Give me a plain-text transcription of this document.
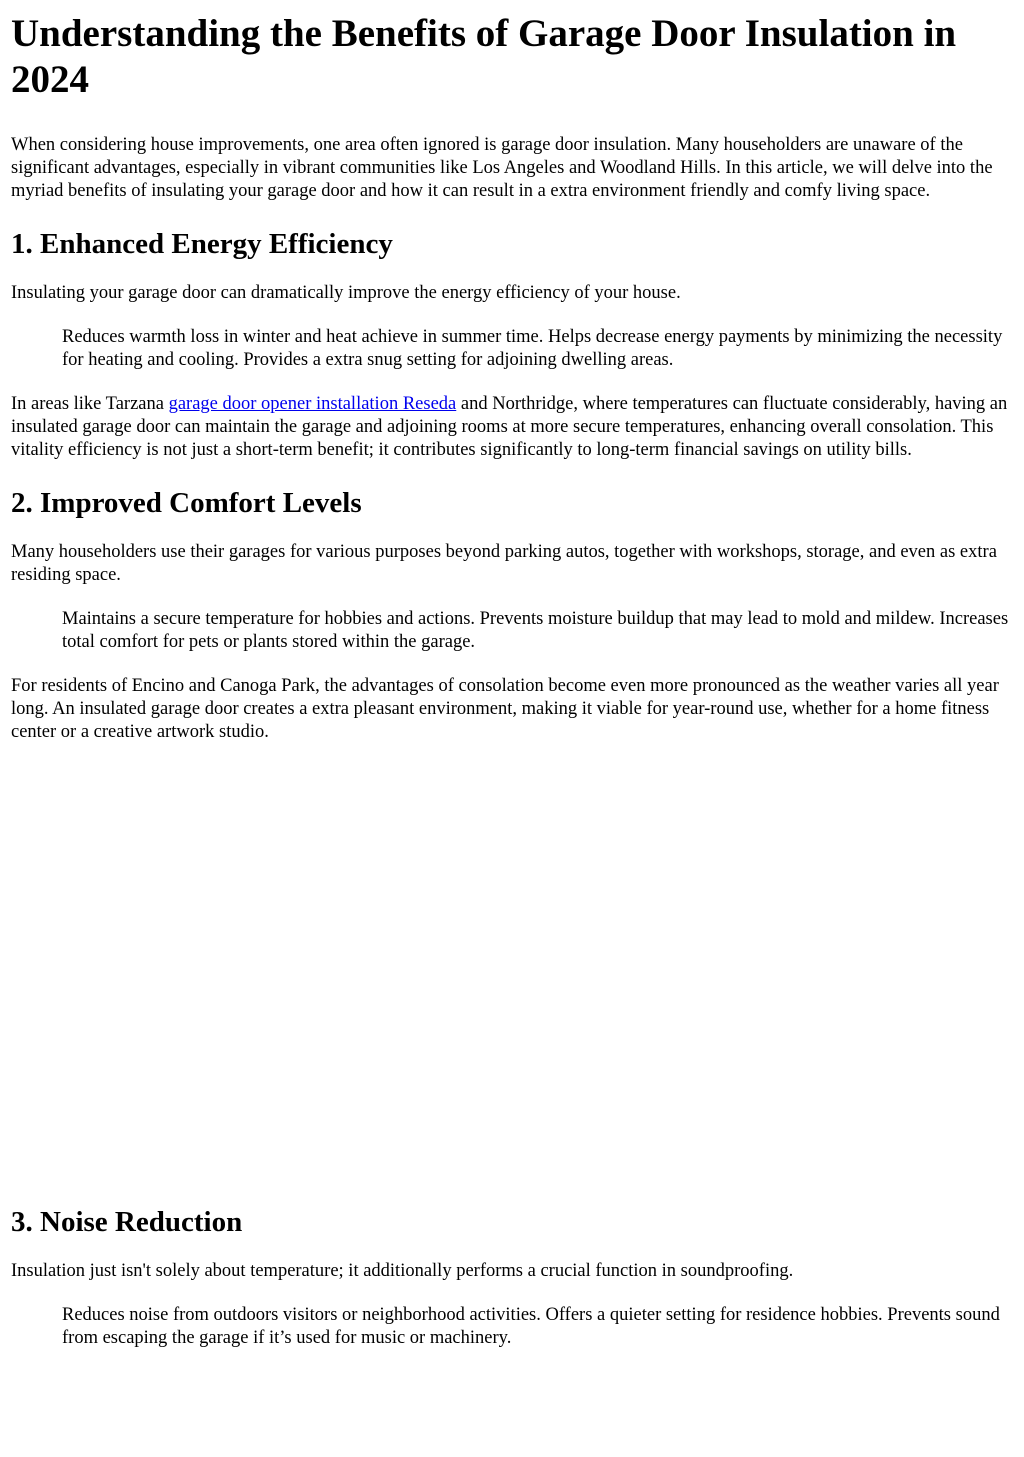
Understanding the Benefits of Garage Door Insulation in 2024

When considering house improvements, one area often ignored is garage door insulation. Many householders are unaware of the significant advantages, especially in vibrant communities like Los Angeles and Woodland Hills. In this article, we will delve into the myriad benefits of insulating your garage door and how it can result in a extra environment friendly and comfy living space.

1. Enhanced Energy Efficiency

Insulating your garage door can dramatically improve the energy efficiency of your house.

Reduces warmth loss in winter and heat achieve in summer time. Helps decrease energy payments by minimizing the necessity for heating and cooling. Provides a extra snug setting for adjoining dwelling areas.

In areas like Tarzana garage door opener installation Reseda and Northridge, where temperatures can fluctuate considerably, having an insulated garage door can maintain the garage and adjoining rooms at more secure temperatures, enhancing overall consolation. This vitality efficiency is not just a short-term benefit; it contributes significantly to long-term financial savings on utility bills.

2. Improved Comfort Levels

Many householders use their garages for various purposes beyond parking autos, together with workshops, storage, and even as extra residing space.

Maintains a secure temperature for hobbies and actions. Prevents moisture buildup that may lead to mold and mildew. Increases total comfort for pets or plants stored within the garage.

For residents of Encino and Canoga Park, the advantages of consolation become even more pronounced as the weather varies all year long. An insulated garage door creates a extra pleasant environment, making it viable for year-round use, whether for a home fitness center or a creative artwork studio.

3. Noise Reduction

Insulation just isn't solely about temperature; it additionally performs a crucial function in soundproofing.

Reduces noise from outdoors visitors or neighborhood activities. Offers a quieter setting for residence hobbies. Prevents sound from escaping the garage if it’s used for music or machinery.
